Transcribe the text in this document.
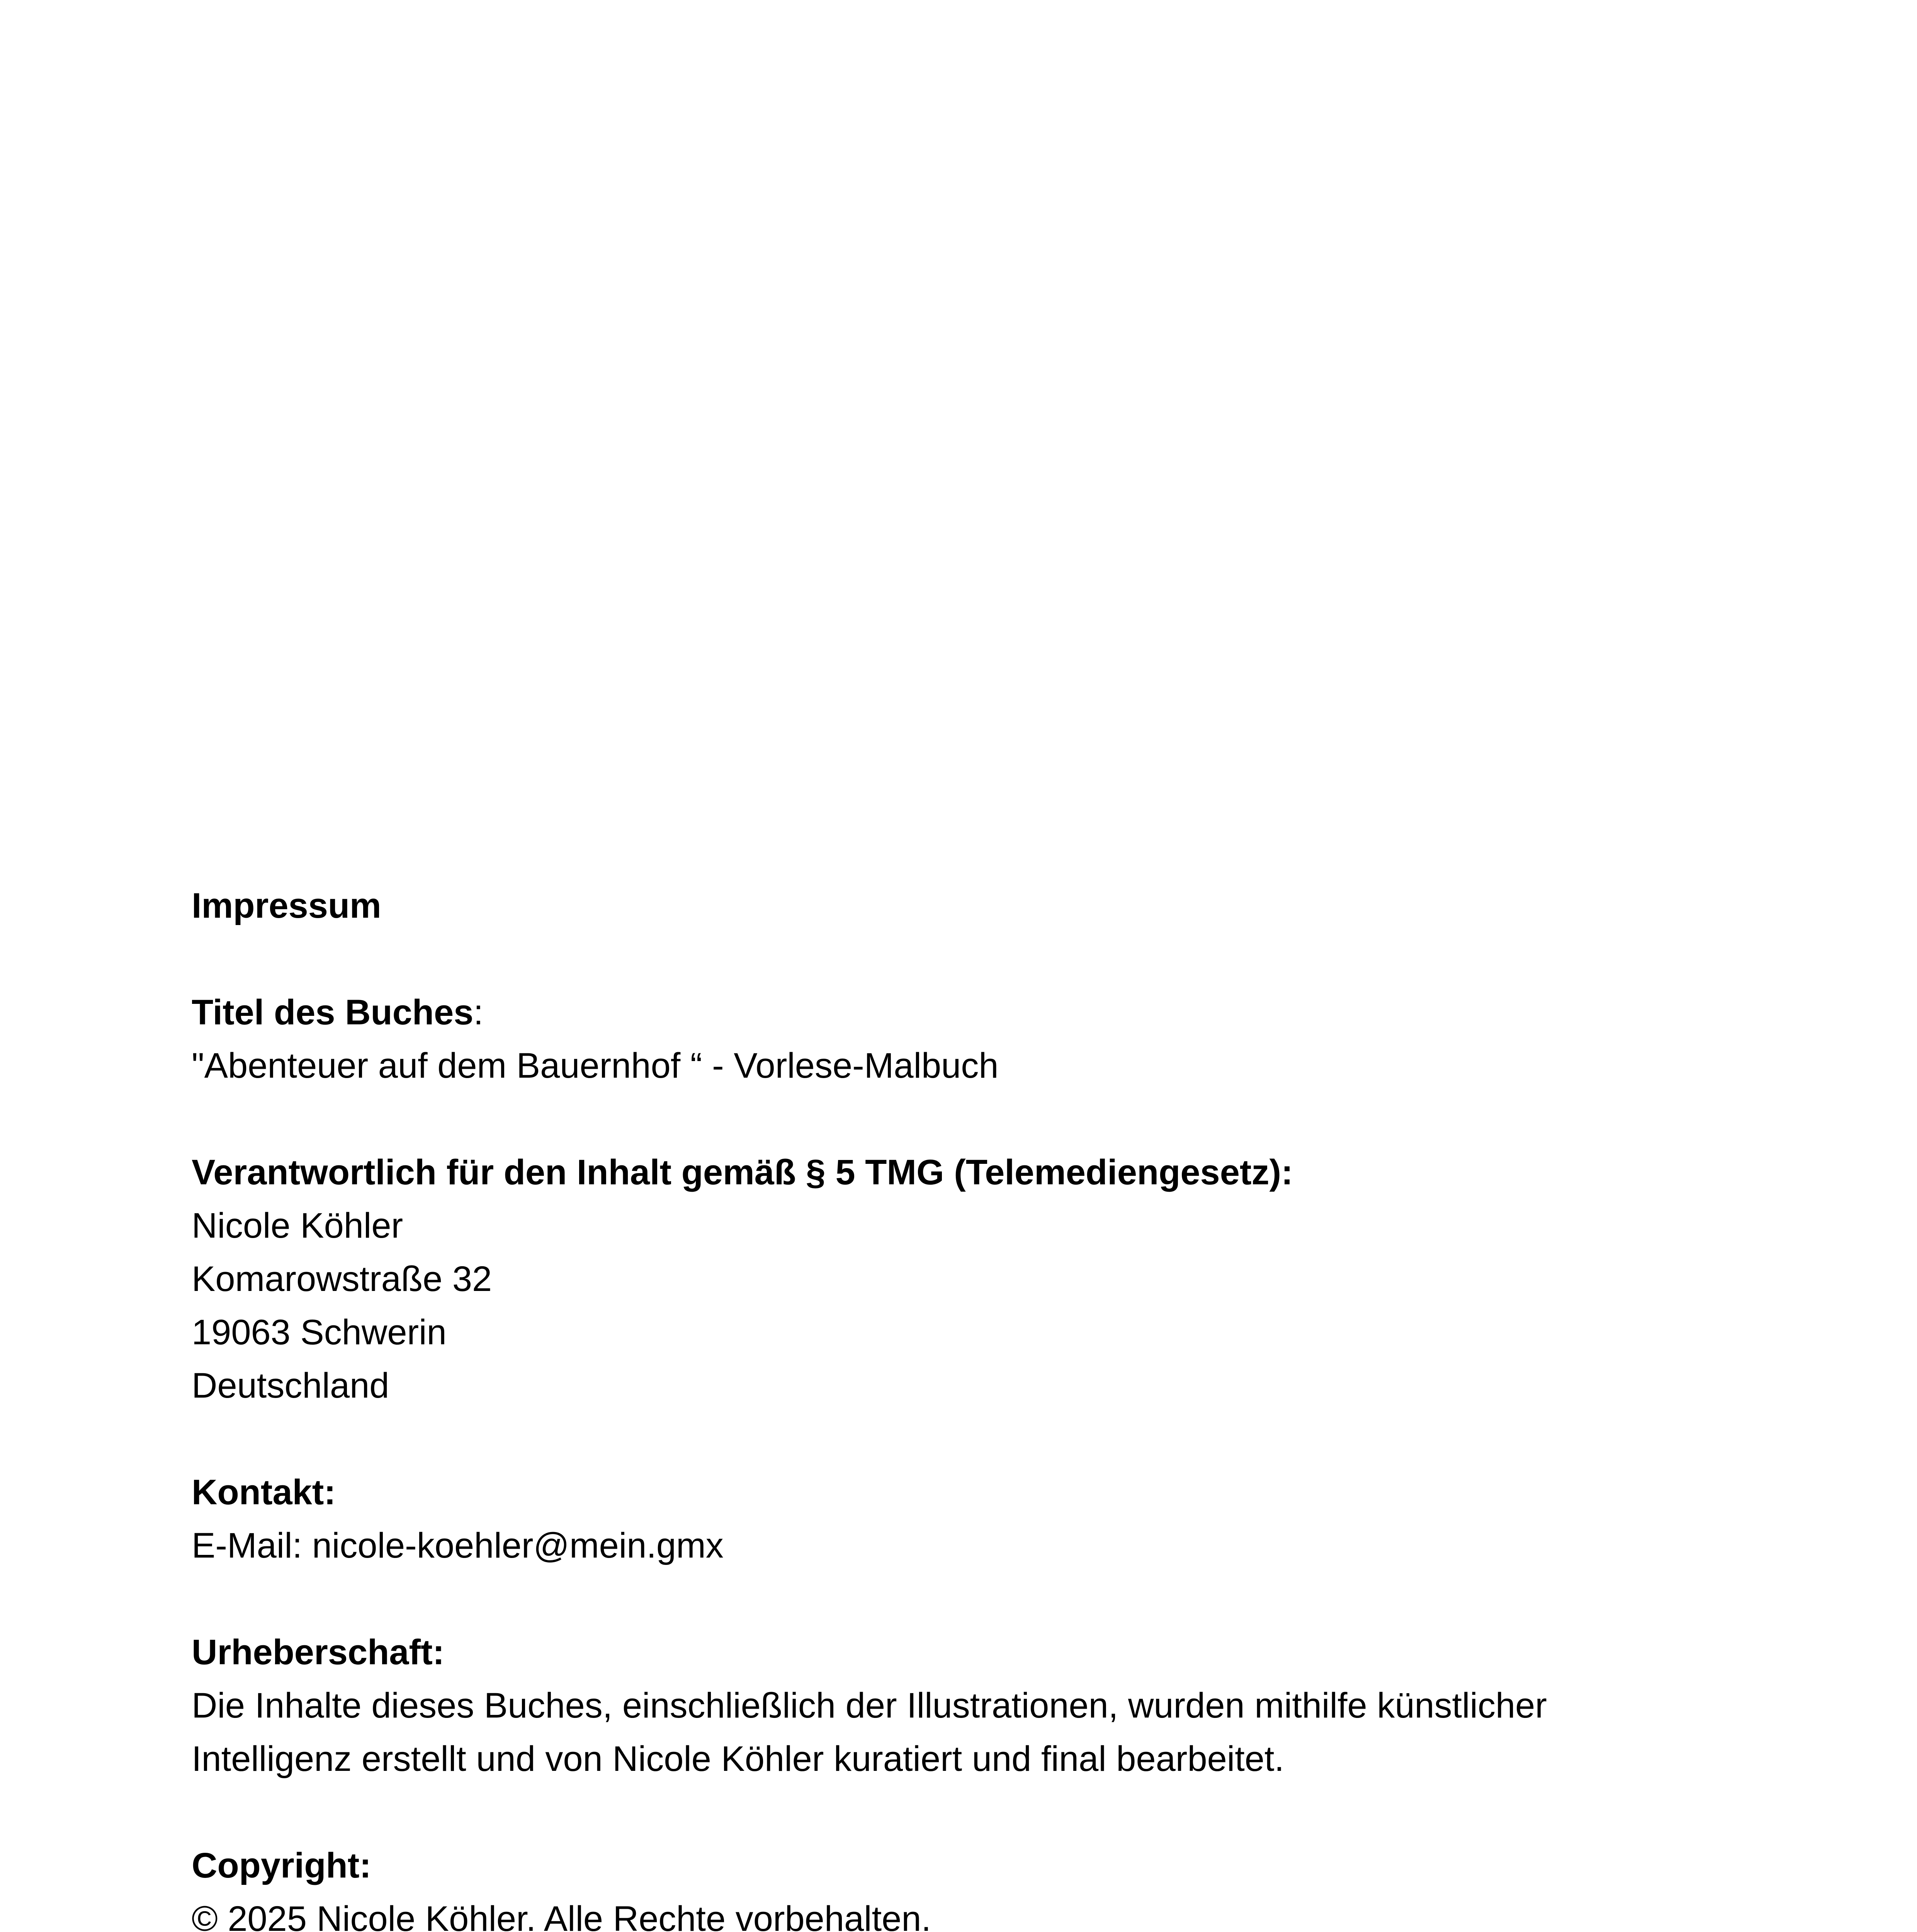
Impressum
Titel des Buches:
"Abenteuer auf dem Bauernhof “ - Vorlese-Malbuch
Verantwortlich für den Inhalt gemäß § 5 TMG (Telemediengesetz):
Nicole Köhler
Komarowstraße 32
19063 Schwerin
Deutschland
Kontakt:
E-Mail: nicole-koehler@mein.gmx
Urheberschaft:
Die Inhalte dieses Buches, einschließlich der Illustrationen, wurden mithilfe künstlicher
Intelligenz erstellt und von Nicole Köhler kuratiert und final bearbeitet.
Copyright:
© 2025 Nicole Köhler. Alle Rechte vorbehalten.
